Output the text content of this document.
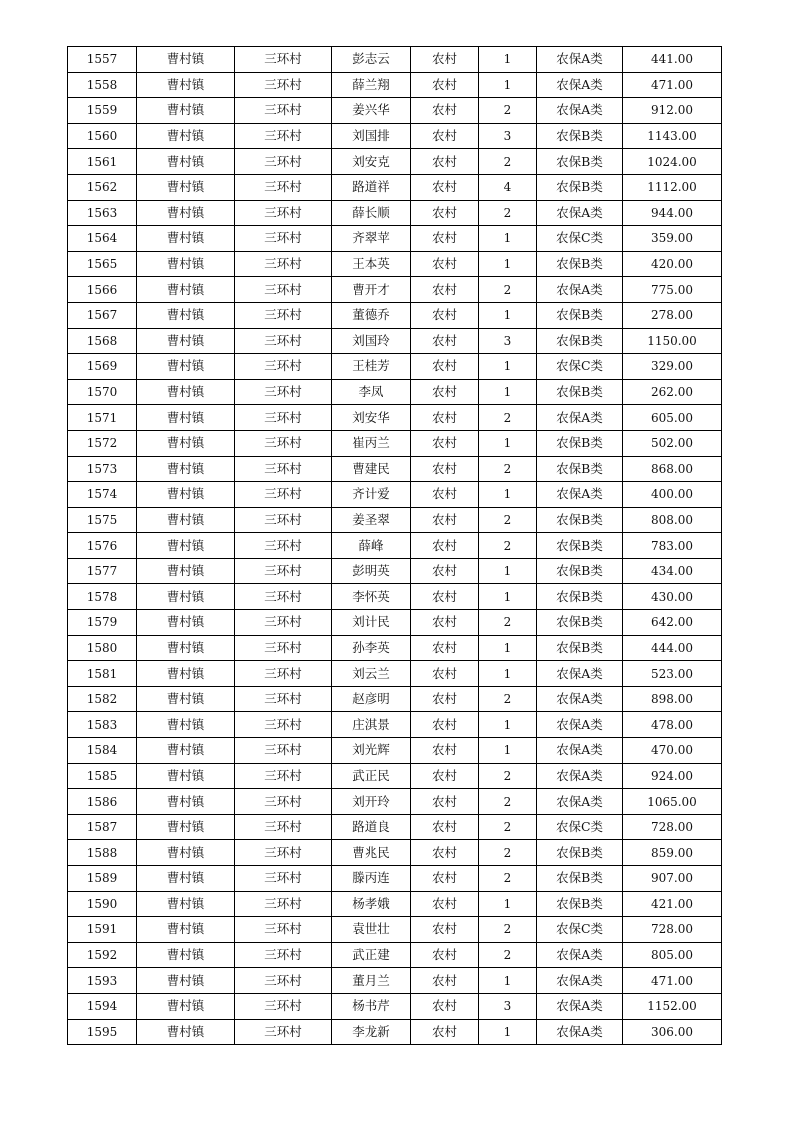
1557	曹村镇	三环村	彭志云	农村	1	农保A类	441.00
1558	曹村镇	三环村	薛兰翔	农村	1	农保A类	471.00
1559	曹村镇	三环村	姜兴华	农村	2	农保A类	912.00
1560	曹村镇	三环村	刘国排	农村	3	农保B类	1143.00
1561	曹村镇	三环村	刘安克	农村	2	农保B类	1024.00
1562	曹村镇	三环村	路道祥	农村	4	农保B类	1112.00
1563	曹村镇	三环村	薛长顺	农村	2	农保A类	944.00
1564	曹村镇	三环村	齐翠苹	农村	1	农保C类	359.00
1565	曹村镇	三环村	王本英	农村	1	农保B类	420.00
1566	曹村镇	三环村	曹开才	农村	2	农保A类	775.00
1567	曹村镇	三环村	董德乔	农村	1	农保B类	278.00
1568	曹村镇	三环村	刘国玲	农村	3	农保B类	1150.00
1569	曹村镇	三环村	王桂芳	农村	1	农保C类	329.00
1570	曹村镇	三环村	李凤	农村	1	农保B类	262.00
1571	曹村镇	三环村	刘安华	农村	2	农保A类	605.00
1572	曹村镇	三环村	崔丙兰	农村	1	农保B类	502.00
1573	曹村镇	三环村	曹建民	农村	2	农保B类	868.00
1574	曹村镇	三环村	齐计爱	农村	1	农保A类	400.00
1575	曹村镇	三环村	姜圣翠	农村	2	农保B类	808.00
1576	曹村镇	三环村	薛峰	农村	2	农保B类	783.00
1577	曹村镇	三环村	彭明英	农村	1	农保B类	434.00
1578	曹村镇	三环村	李怀英	农村	1	农保B类	430.00
1579	曹村镇	三环村	刘计民	农村	2	农保B类	642.00
1580	曹村镇	三环村	孙李英	农村	1	农保B类	444.00
1581	曹村镇	三环村	刘云兰	农村	1	农保A类	523.00
1582	曹村镇	三环村	赵彦明	农村	2	农保A类	898.00
1583	曹村镇	三环村	庄淇景	农村	1	农保A类	478.00
1584	曹村镇	三环村	刘光辉	农村	1	农保A类	470.00
1585	曹村镇	三环村	武正民	农村	2	农保A类	924.00
1586	曹村镇	三环村	刘开玲	农村	2	农保A类	1065.00
1587	曹村镇	三环村	路道良	农村	2	农保C类	728.00
1588	曹村镇	三环村	曹兆民	农村	2	农保B类	859.00
1589	曹村镇	三环村	滕丙连	农村	2	农保B类	907.00
1590	曹村镇	三环村	杨孝娥	农村	1	农保B类	421.00
1591	曹村镇	三环村	袁世壮	农村	2	农保C类	728.00
1592	曹村镇	三环村	武正建	农村	2	农保A类	805.00
1593	曹村镇	三环村	董月兰	农村	1	农保A类	471.00
1594	曹村镇	三环村	杨书芹	农村	3	农保A类	1152.00
1595	曹村镇	三环村	李龙新	农村	1	农保A类	306.00
